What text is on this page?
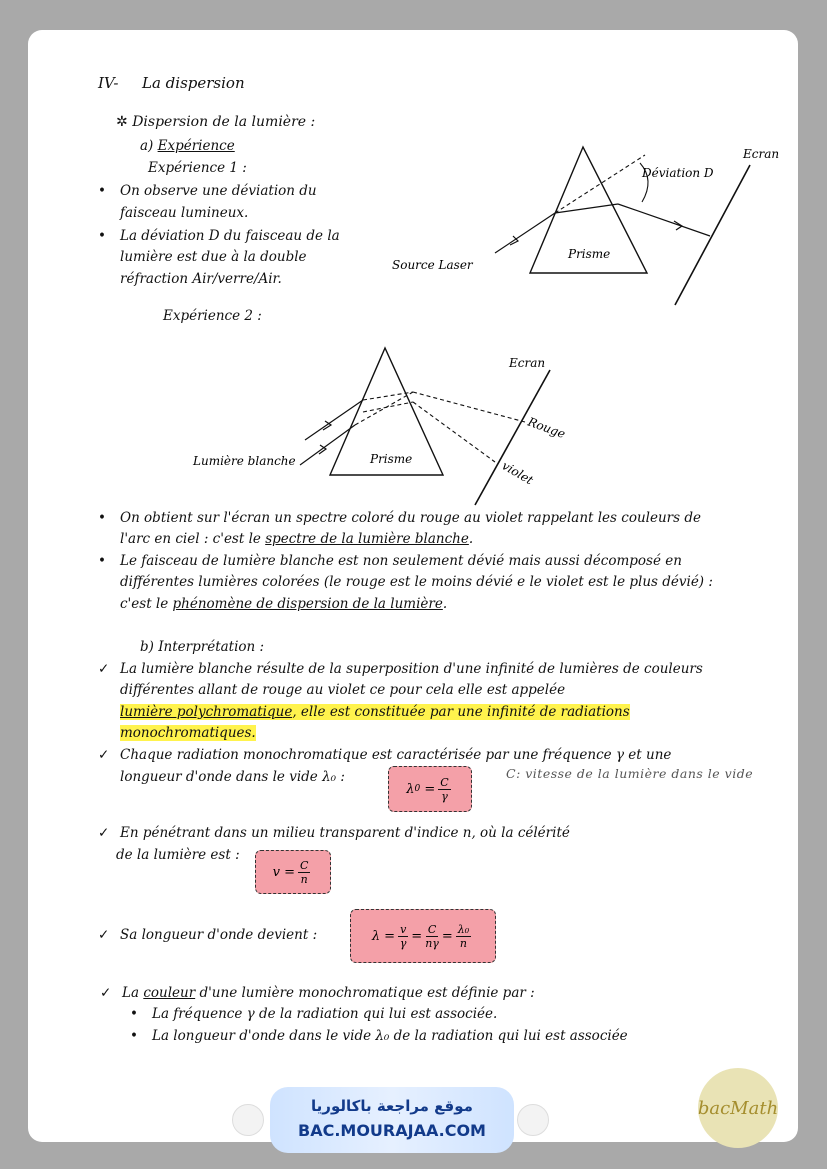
IV- La dispersion
✲ Dispersion de la lumière :
a) Expérience
Expérience 1 :
• On observe une déviation du
faisceau lumineux.
• La déviation D du faisceau de la
lumière est due à la double
réfraction Air/verre/Air.
Source Laser
Prisme
Déviation D
Ecran
Expérience 2 :
Lumière blanche	Prisme
Ecran
Rouge
violet
• On obtient sur l'écran un spectre coloré du rouge au violet rappelant les couleurs de
l'arc en ciel : c'est le spectre de la lumière blanche.
• Le faisceau de lumière blanche est non seulement dévié mais aussi décomposé en
différentes lumières colorées (le rouge est le moins dévié e le violet est le plus dévié) :
c'est le phénomène de dispersion de la lumière.
b) Interprétation :
✓ La lumière blanche résulte de la superposition d'une infinité de lumières de couleurs
différentes allant de rouge au violet ce pour cela elle est appelée
lumière polychromatique, elle est constituée par une infinité de radiations
monochromatiques.
✓ Chaque radiation monochromatique est caractérisée par une fréquence γ et une
longueur d'onde dans le vide λ₀ :
λ $0 = \frac{C}{\gamma}$
C: vitesse de la lumière dans le vide
✓ En pénétrant dans un milieu transparent d'indice n, où la célérité
de la lumière est :
$v = \frac{C}{n}$
✓ Sa longueur d'onde devient :	$\lambda = \frac{v}{\gamma} = \frac{C}{n\gamma} = \frac{\text{λ₀}}{n}$
✓ La couleur d'une lumière monochromatique est définie par :
• La fréquence γ de la radiation qui lui est associée.
• La longueur d'onde dans le vide λ₀ de la radiation qui lui est associée
موقع مراجعة باكالوريا
BAC.MOURAJAA.COM
bacMath
